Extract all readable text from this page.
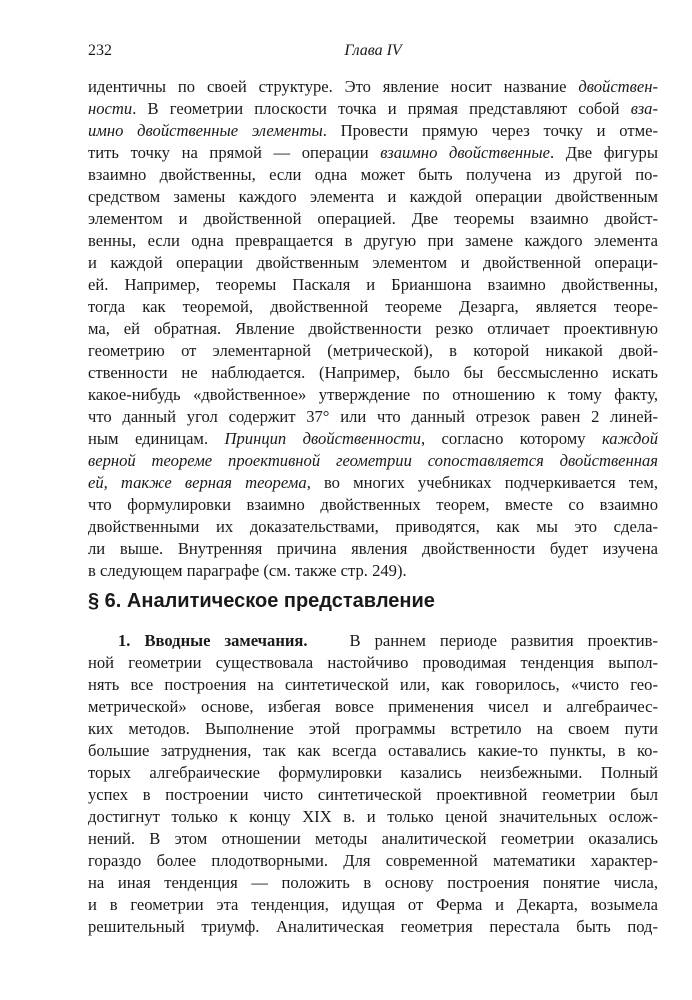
232	Глава IV
идентичны по своей структуре. Это явление носит название двойствен-
ности. В геометрии плоскости точка и прямая представляют собой вза-
имно двойственные элементы. Провести прямую через точку и отме-
тить точку на прямой — операции взаимно двойственные. Две фигуры
взаимно двойственны, если одна может быть получена из другой по-
средством замены каждого элемента и каждой операции двойственным
элементом и двойственной операцией. Две теоремы взаимно двойст-
венны, если одна превращается в другую при замене каждого элемента
и каждой операции двойственным элементом и двойственной операци-
ей. Например, теоремы Паскаля и Брианшона взаимно двойственны,
тогда как теоремой, двойственной теореме Дезарга, является теоре-
ма, ей обратная. Явление двойственности резко отличает проективную
геометрию от элементарной (метрической), в которой никакой двой-
ственности не наблюдается. (Например, было бы бессмысленно искать
какое-нибудь «двойственное» утверждение по отношению к тому факту,
что данный угол содержит 37° или что данный отрезок равен 2 линей-
ным единицам. Принцип двойственности, согласно которому каждой
верной теореме проективной геометрии сопоставляется двойственная
ей, также верная теорема, во многих учебниках подчеркивается тем,
что формулировки взаимно двойственных теорем, вместе со взаимно
двойственными их доказательствами, приводятся, как мы это сдела-
ли выше. Внутренняя причина явления двойственности будет изучена
в следующем параграфе (см. также стр. 249).
§ 6. Аналитическое представление
1. Вводные замечания.	В раннем периоде развития проектив-
ной геометрии существовала настойчиво проводимая тенденция выпол-
нять все построения на синтетической или, как говорилось, «чисто гео-
метрической» основе, избегая вовсе применения чисел и алгебраичес-
ких методов. Выполнение этой программы встретило на своем пути
большие затруднения, так как всегда оставались какие-то пункты, в ко-
торых алгебраические формулировки казались неизбежными. Полный
успех в построении чисто синтетической проективной геометрии был
достигнут только к концу XIX в. и только ценой значительных ослож-
нений. В этом отношении методы аналитической геометрии оказались
гораздо более плодотворными. Для современной математики характер-
на иная тенденция — положить в основу построения понятие числа,
и в геометрии эта тенденция, идущая от Ферма и Декарта, возымела
решительный триумф. Аналитическая геометрия перестала быть под-
